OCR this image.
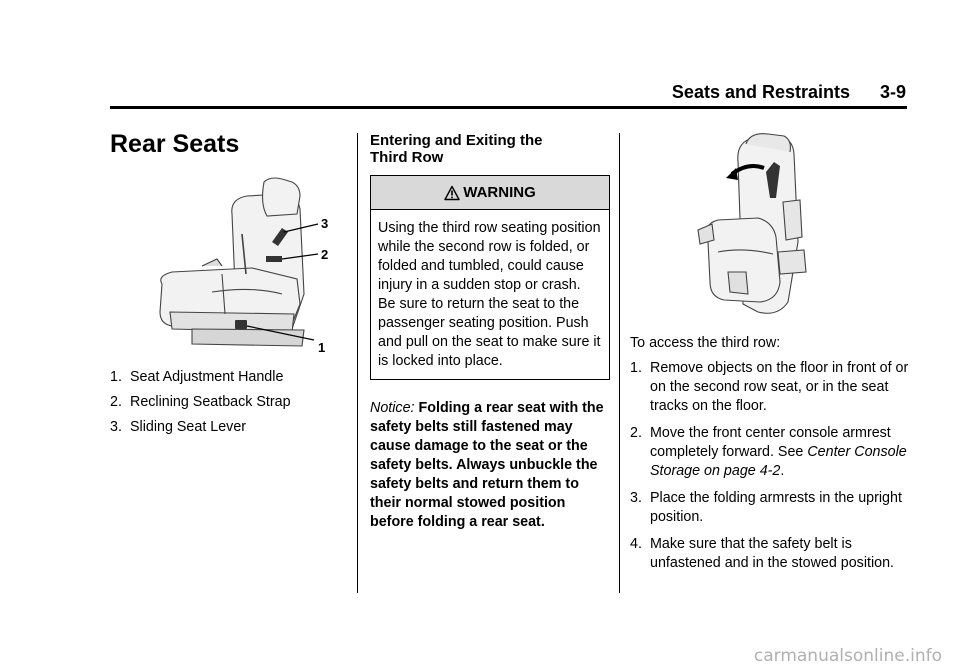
Seats and Restraints 3-9
Rear Seats
3
2
1
1. Seat Adjustment Handle
2. Reclining Seatback Strap
3. Sliding Seat Lever

Entering and Exiting the
Third Row

WARNING
Using the third row seating position while the second row is folded, or folded and tumbled, could cause injury in a sudden stop or crash. Be sure to return the seat to the passenger seating position. Push and pull on the seat to make sure it is locked into place.
Notice: Folding a rear seat with the safety belts still fastened may cause damage to the seat or the safety belts. Always unbuckle the safety belts and return them to their normal stowed position before folding a rear seat.
To access the third row:
1. Remove objects on the floor in front of or on the second row seat, or in the seat tracks on the floor.
2. Move the front center console armrest completely forward. See Center Console Storage on page 4-2.
3. Place the folding armrests in the upright position.
4. Make sure that the safety belt is unfastened and in the stowed position.
carmanualsonline.info
